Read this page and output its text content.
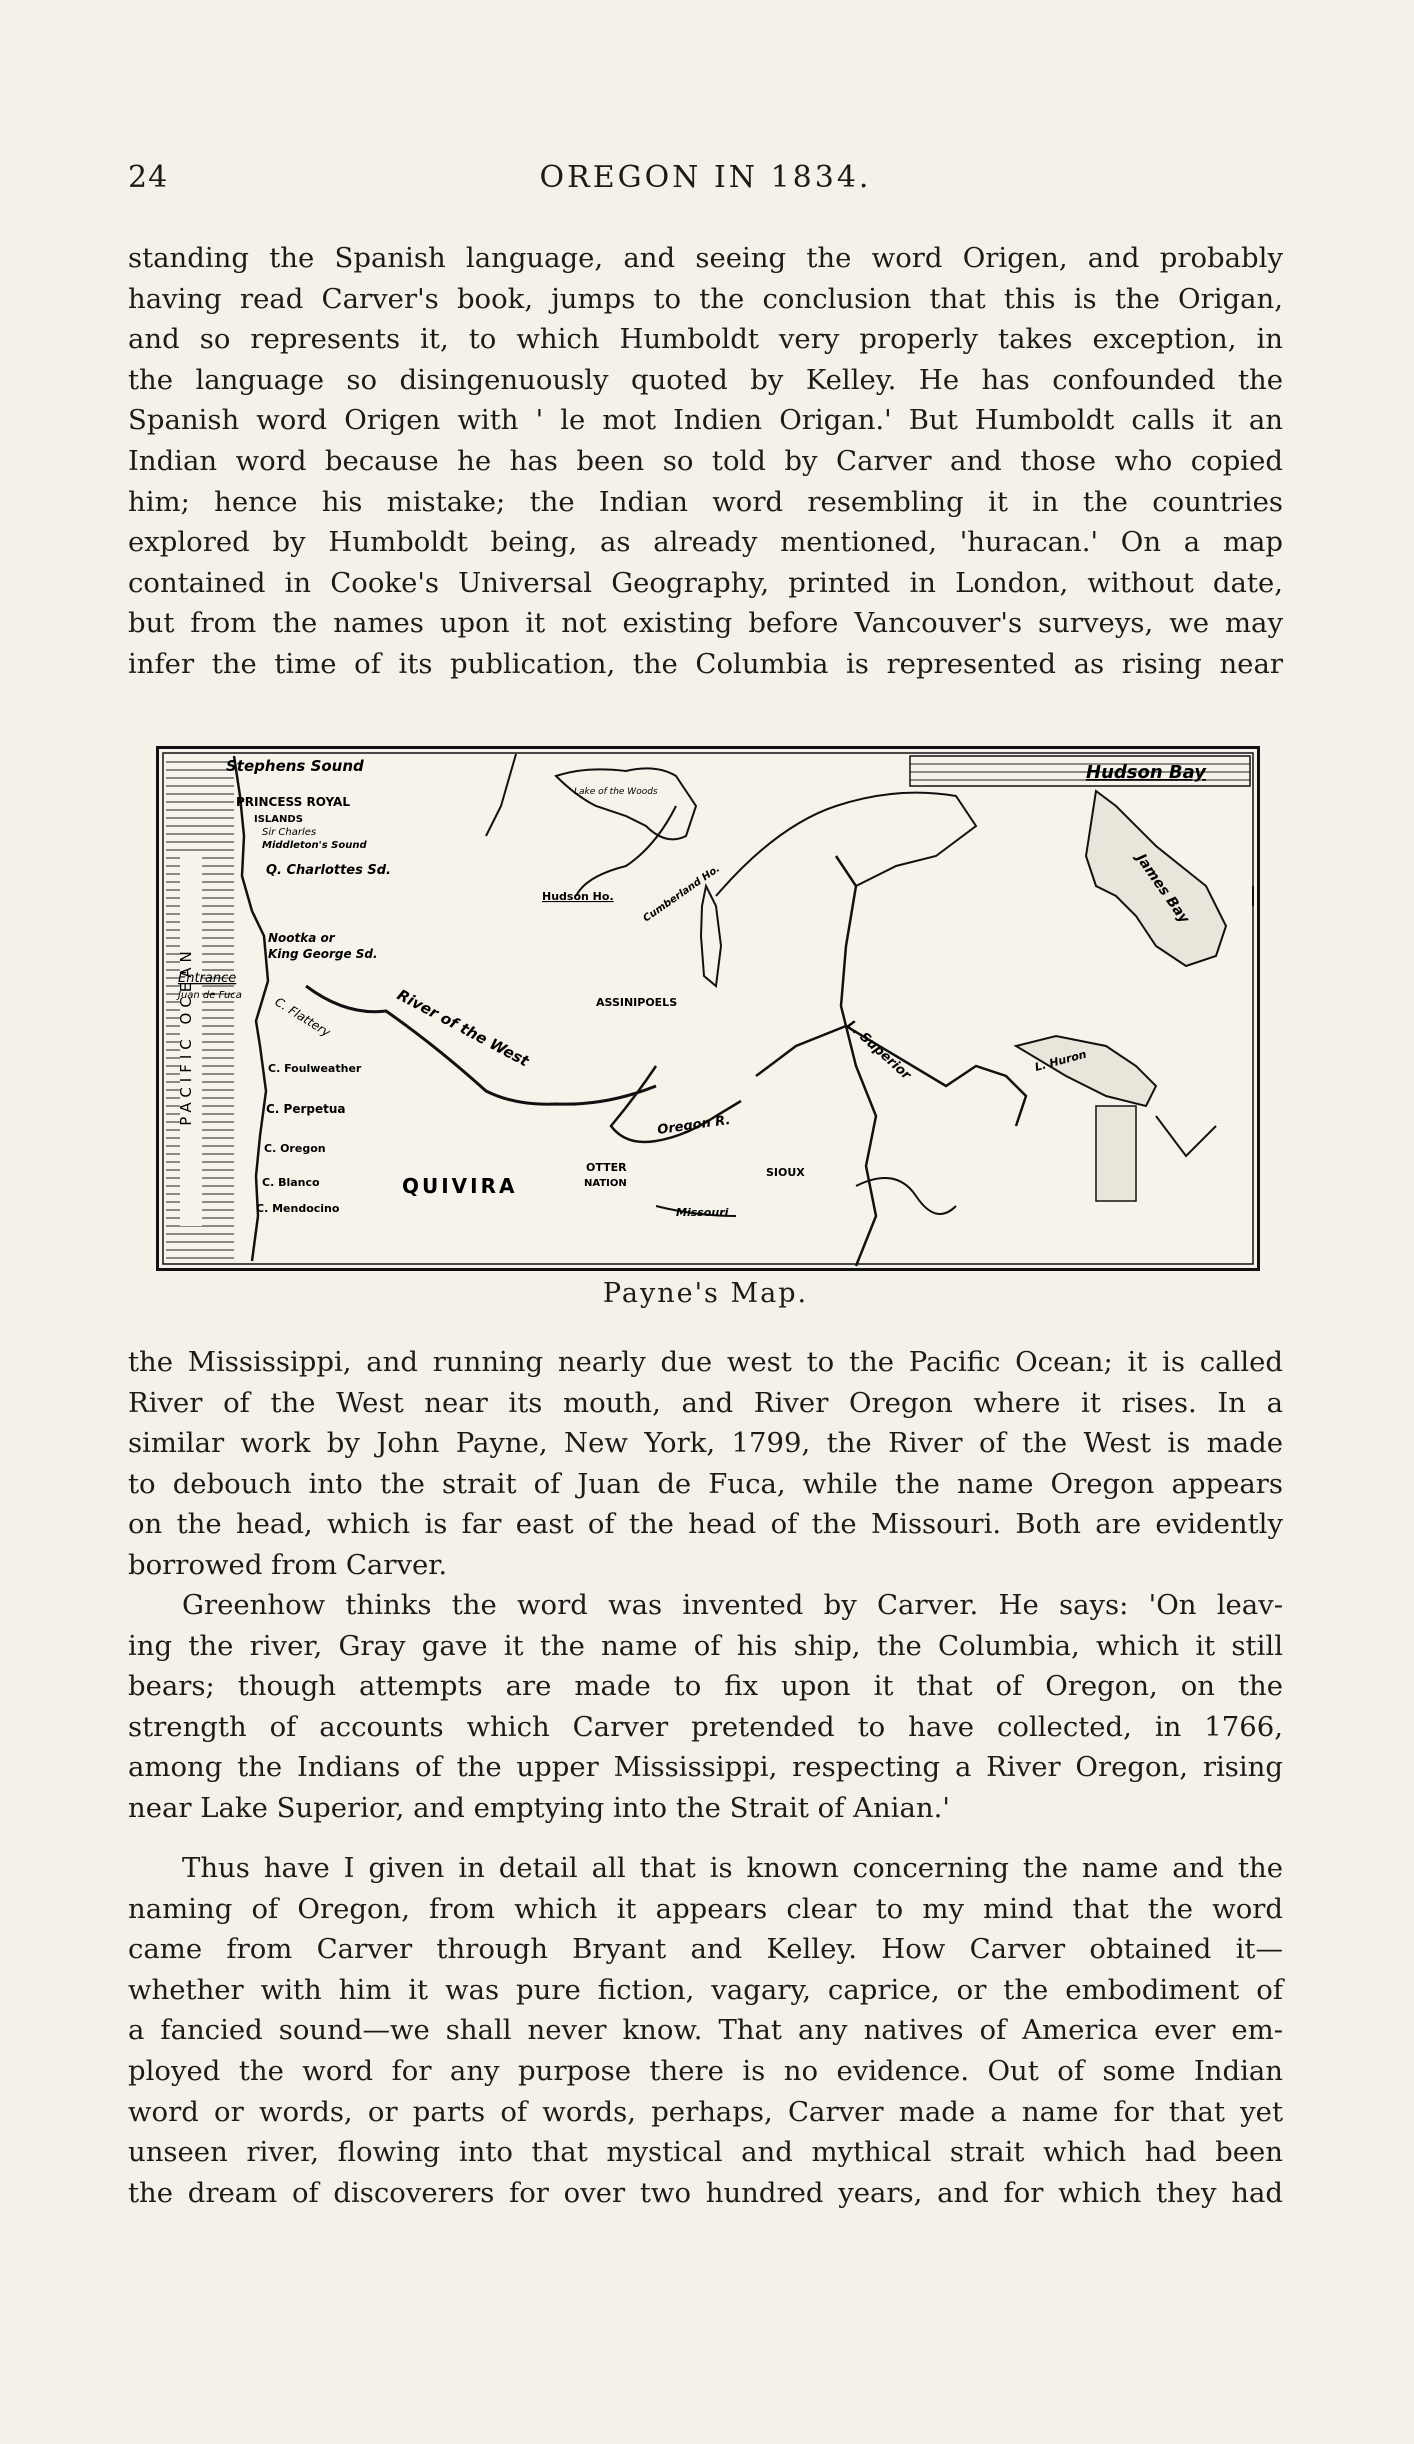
24	OREGON IN 1834.
standing the Spanish language, and seeing the word Origen, and probably
having read Carver's book, jumps to the conclusion that this is the Origan,
and so represents it, to which Humboldt very properly takes exception, in
the language so disingenuously quoted by Kelley. He has confounded the
Spanish word Origen with ' le mot Indien Origan.' But Humboldt calls it an
Indian word because he has been so told by Carver and those who copied
him; hence his mistake; the Indian word resembling it in the countries
explored by Humboldt being, as already mentioned, 'huracan.' On a map
contained in Cooke's Universal Geography, printed in London, without date,
but from the names upon it not existing before Vancouver's surveys, we may
infer the time of its publication, the Columbia is represented as rising near
PACIFIC OCEAN
Stephens Sound
PRINCESS ROYAL
ISLANDS
Sir Charles
Middleton's Sound
Q. Charlottes Sd.
Nootka or
King George Sd.
Entrance
Juan de Fuca	C. Flattery
C. Foulweather
C. Perpetua
C. Oregon
C. Blanco
C. Mendocino
QUIVIRA
River of the West
Lake of the Woods
Hudson Ho.	Cumberland Ho.
ASSINIPOELS
Oregon R.
OTTER
NATION
SIOUX
Missouri
L. Superior
Hudson Bay
James Bay
L. Huron
Payne's Map.
the Mississippi, and running nearly due west to the Pacific Ocean; it is called
River of the West near its mouth, and River Oregon where it rises. In a
similar work by John Payne, New York, 1799, the River of the West is made
to debouch into the strait of Juan de Fuca, while the name Oregon appears
on the head, which is far east of the head of the Missouri. Both are evidently
borrowed from Carver.
Greenhow thinks the word was invented by Carver. He says: 'On leav-
ing the river, Gray gave it the name of his ship, the Columbia, which it still
bears; though attempts are made to fix upon it that of Oregon, on the
strength of accounts which Carver pretended to have collected, in 1766,
among the Indians of the upper Mississippi, respecting a River Oregon, rising
near Lake Superior, and emptying into the Strait of Anian.'
Thus have I given in detail all that is known concerning the name and the
naming of Oregon, from which it appears clear to my mind that the word
came from Carver through Bryant and Kelley. How Carver obtained it—
whether with him it was pure fiction, vagary, caprice, or the embodiment of
a fancied sound—we shall never know. That any natives of America ever em-
ployed the word for any purpose there is no evidence. Out of some Indian
word or words, or parts of words, perhaps, Carver made a name for that yet
unseen river, flowing into that mystical and mythical strait which had been
the dream of discoverers for over two hundred years, and for which they had
